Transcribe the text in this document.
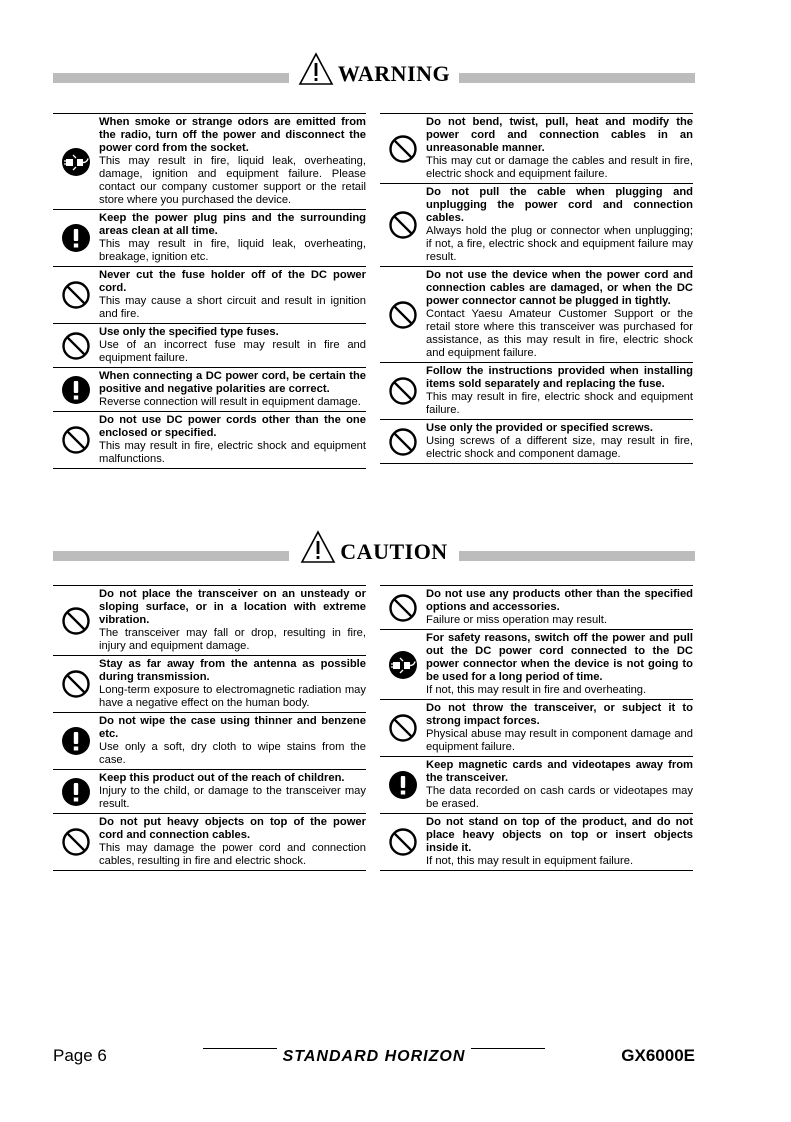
WARNING
When smoke or strange odors are emitted from the radio, turn off the power and disconnect the power cord from the socket.
This may result in fire, liquid leak, overheating, damage, ignition and equipment failure. Please contact our company customer support or the retail store where you purchased the device.
Keep the power plug pins and the surrounding areas clean at all time.
This may result in fire, liquid leak, overheating, breakage, ignition etc.
Never cut the fuse holder off of the DC power cord.
This may cause a short circuit and result in ignition and fire.
Use only the specified type fuses.
Use of an incorrect fuse may result in fire and equipment failure.
When connecting a DC power cord, be certain the positive and negative polarities are correct.
Reverse connection will result in equipment damage.
Do not use DC power cords other than the one enclosed or specified.
This may result in fire, electric shock and equipment malfunctions.
Do not bend, twist, pull, heat and modify the power cord and connection cables in an unreasonable manner.
This may cut or damage the cables and result in fire, electric shock and equipment failure.
Do not pull the cable when plugging and unplugging the power cord and connection cables.
Always hold the plug or connector when unplugging; if not, a fire, electric shock and equipment failure may result.
Do not use the device when the power cord and connection cables are damaged, or when the DC power connector cannot be plugged in tightly.
Contact Yaesu Amateur Customer Support or the retail store where this transceiver was purchased for assistance, as this may result in fire, electric shock and equipment failure.
Follow the instructions provided when installing items sold separately and replacing the fuse.
This may result in fire, electric shock and equipment failure.
Use only the provided or specified screws.
Using screws of a different size, may result in fire, electric shock and component damage.
CAUTION
Do not place the transceiver on an unsteady or sloping surface, or in a location with extreme vibration.
The transceiver may fall or drop, resulting in fire, injury and equipment damage.
Stay as far away from the antenna as possible during transmission.
Long-term exposure to electromagnetic radiation may have a negative effect on the human body.
Do not wipe the case using thinner and benzene etc.
Use only a soft, dry cloth to wipe stains from the case.
Keep this product out of the reach of children.
Injury to the child, or damage to the transceiver may result.
Do not put heavy objects on top of the power cord and connection cables.
This may damage the power cord and connection cables, resulting in fire and electric shock.
Do not use any products other than the specified options and accessories.
Failure or miss operation may result.
For safety reasons, switch off the power and pull out the DC power cord connected to the DC power connector when the device is not going to be used for a long period of time.
If not, this may result in fire and overheating.
Do not throw the transceiver, or subject it to strong impact forces.
Physical abuse may result in component damage and equipment failure.
Keep magnetic cards and videotapes away from the transceiver.
The data recorded on cash cards or videotapes may be erased.
Do not stand on top of the product, and do not place heavy objects on top or insert objects inside it.
If not, this may result in equipment failure.
Page 6	STANDARD HORIZON	GX6000E
